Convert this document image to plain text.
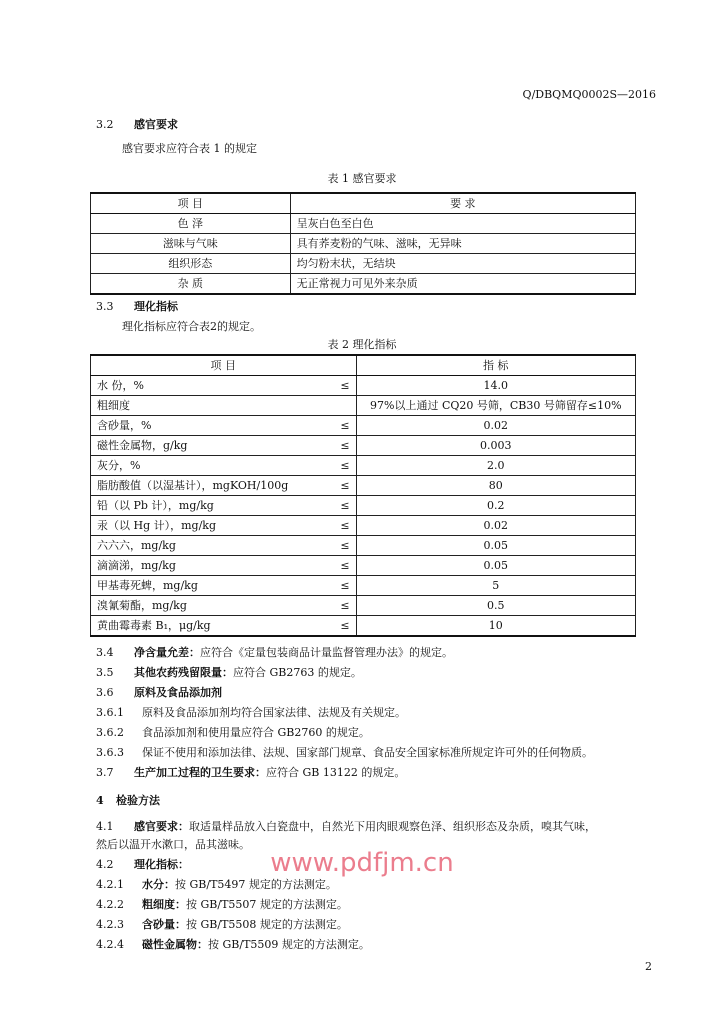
Q/DBQMQ0002S—2016
3.2 感官要求
感官要求应符合表 1 的规定
表 1 感官要求
项 目	要 求
色 泽	呈灰白色至白色
滋味与气味	具有荞麦粉的气味、滋味，无异味
组织形态	均匀粉末状，无结块
杂 质	无正常视力可见外来杂质
3.3 理化指标
理化指标应符合表2的规定。
表 2 理化指标
项 目	指 标

水 份，% ≤	14.0

粗细度	97%以上通过 CQ20 号筛，CB30 号筛留存≤10%

含砂量，% ≤	0.02

磁性金属物，g/kg ≤	0.003

灰分，% ≤	2.0

脂肪酸值（以湿基计），mgKOH/100g ≤	80

铅（以 Pb 计），mg/kg ≤	0.2

汞（以 Hg 计），mg/kg ≤	0.02

六六六，mg/kg ≤	0.05

滴滴涕，mg/kg ≤	0.05

甲基毒死蜱，mg/kg ≤	5

溴氰菊酯，mg/kg ≤	0.5

黄曲霉毒素 B₁，μg/kg ≤	10
3.4 净含量允差：应符合《定量包装商品计量监督管理办法》的规定。
3.5 其他农药残留限量：应符合 GB2763 的规定。
3.6 原料及食品添加剂
3.6.1 原料及食品添加剂均符合国家法律、法规及有关规定。
3.6.2 食品添加剂和使用量应符合 GB2760 的规定。
3.6.3 保证不使用和添加法律、法规、国家部门规章、食品安全国家标准所规定许可外的任何物质。
3.7 生产加工过程的卫生要求：应符合 GB 13122 的规定。
4 检验方法
4.1 感官要求：取适量样品放入白瓷盘中，自然光下用肉眼观察色泽、组织形态及杂质，嗅其气味，
然后以温开水漱口，品其滋味。
4.2 理化指标：
4.2.1 水分：按 GB/T5497 规定的方法测定。
4.2.2 粗细度：按 GB/T5507 规定的方法测定。
4.2.3 含砂量：按 GB/T5508 规定的方法测定。
4.2.4 磁性金属物：按 GB/T5509 规定的方法测定。
www.pdfjm.cn
2
